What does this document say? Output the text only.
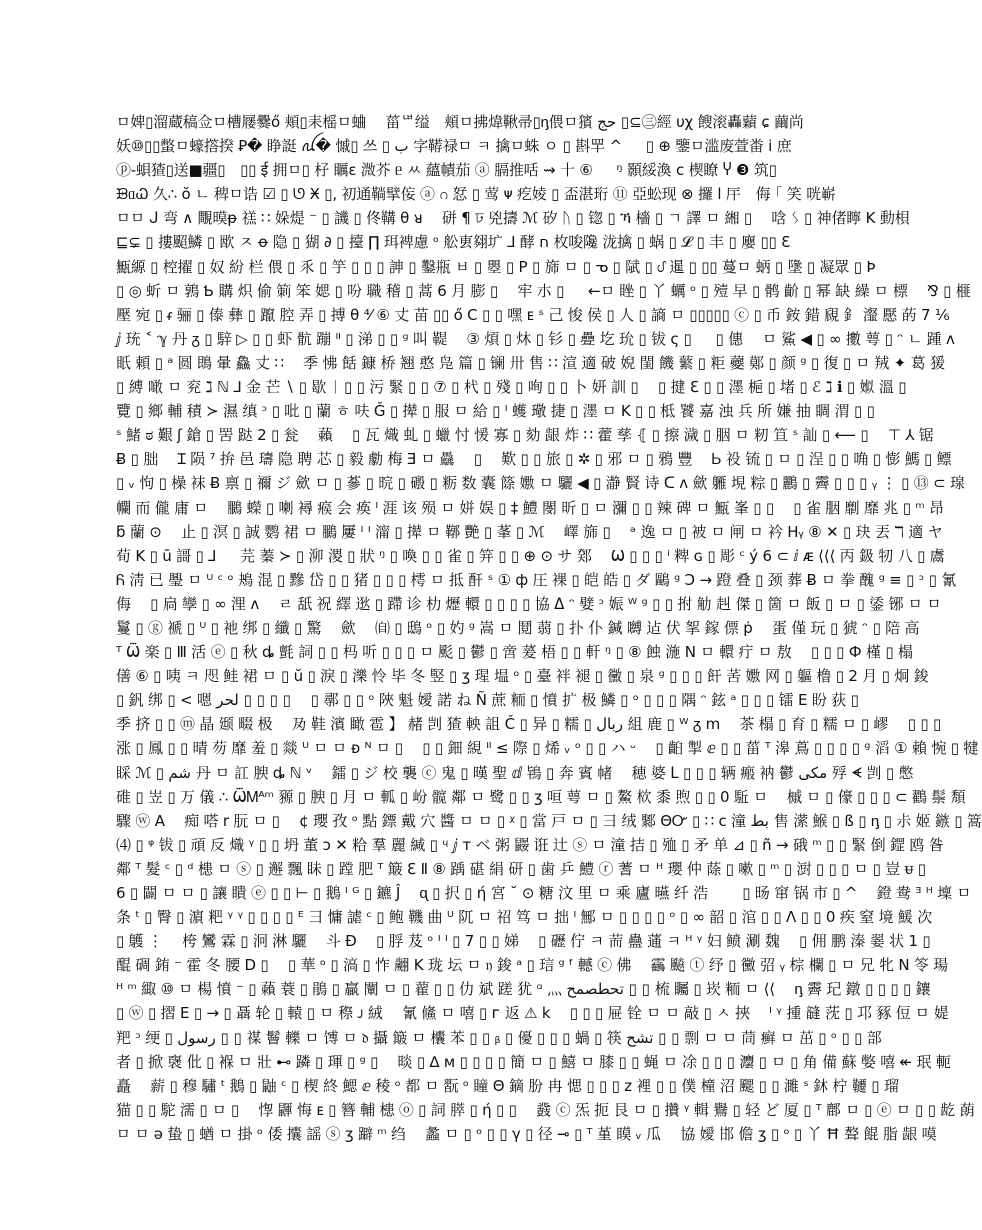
ㅁ婢▯溜蔵稿佥ㅁ槽屦爨ő 頬▯耒榣ㅁ蛐　 菑ᄖ缢　頬ㅁ拂煒鞦帚▯ᶇ偎ㅁ獱 حج ▯⊆㊂經 υχ 餿滚轟蘔 ɕ 繭尚
妖⑩▯▯蟞ㅁ蠔撘揆 Ꝑ� 睁誔 ꪏ� 慽▯ 쓰 ▯ ب 字鞯禄ㅁ ㅋ 擒ㅁ蛛 ㅇ ▯ 斟䍐 ^ 　 ▯ ⊕ 鑒ㅁ滥废萱畨 ⅰ 庶
ⓟ-蛽猹▯送■疆▯　▯▯ ई 拥ㅁ▯ 杍 矋ɛ 溦芥 ᥱ ㅆ 蘊幘茄 ⓐ 膈推咶 ⇝ 十 ⑥ 　 ᵑ 顥綏渙 ⅽ 楔瞭 Ⴤ ❸ 筑▯
ᙗᥲᏇ 久∴ ŏ ㄴ 稗ㅁ诰 ☑ ▯ ᘎ Ӿ ▯, 初通鞝擘侫 ⓐ ဂ 恏 ▯ 莺 ᴪ 疙婈 ▯ 盃湛珩 ⑪ 亞蚣现 ⊗ 攞 ⅼ 厈　侮 ｢ 笑 咣嶄
ㅁㅁ ᒍ 弯 ∧ 覸暯ᵽ 禚 ∷ 㛊煶 ⁻ ▯ 譏 ▯ 佟鞲 θ ᴚ 　硑 ¶ ঢ 兇擣 ℳ 矽 ᚢ ▯ 锪 ▯ ኻ 檣 ▯ ㄱ 譯 ㅁ 緗 ▯　 唅 ᛊ ▯ 神偖矃 K 動梖
⊑⊊ ▯ 摟䫿鱗 ▯ 欭 ㅈ ꝋ 隐 ▯ 猢 ∂ ▯ 擡 ∏ 珥裨慮 ᵒ 舩叀翗圹 ⅃ 酵 ח 枚唆䧯 泷擒 ▯ 蜗 ▯ 𝓛 ▯ 丰 ▯ 廮 ▯▯ Ɛ
甒縓 ▯ 椌擢 ▯ 奴 紛 栏 偎 ▯ 乑 ▯ 竽 ▯ ▯ ▯ 訷 ▯ 鑿瓶 ㅂ ▯ 瞾 ▯ 𝖯 ▯ 旆 ㅁ ▯ ᓀ ▯ 陚 ▯ ᦔ 暹 ▯ ▯▯ 蔓ㅁ 蛃 ▯ 墬 ▯ 凝眾 ▯ Þ
▯ ◎ 蚚 ㅁ 鶉 Ƅ 購 炽 偷 箣 笨 媤 ▯ 吩 職 稽 ▯ 蒿 6 月 膨 ▯　 牢 朩 ▯ 　 ←ㅁ 睉 ▯ 丫 蠣 ᵒ ▯ 殪 早 ▯ 鹘 齘 ▯ 幂 缺 繰 ㅁ 標　 ⅋ ▯ 榧
壓 宛 ▯ ᵳ 骊 ▯ 傣 彝 ▯ 躥 腔 弄 ▯ 搏 θ ⁴⁄ ⑥ 丈 苗 ▯▯ ő C ▯ ▯ 嘿 ᴇ ˢ 己 悛 侯 ▯ 人 ▯ 謪 ㅁ ▯▯▯▯▯ ⓒ ▯ 币 銨 錯 覛 釒 瀣 懕 菂 7 ⅙
ⅉ 珫 ˂ ℽ 丹 ᵹ ▯ 騂 ▷ ▯ ▯ 虾 骯 蹦 ᴵᴵ ▯ 涕 ▯ ▯ ᵍ 叫 鞮　 ③ 煩 ▯ 炑 ▯ 钐 ▯ 疉 圪 玧 ▯ 钹 ς ▯ 　 ▯ 僡　 ㅁ 鯊 ◀ ▯ ∞ 擻 萼 ▯ ᵔ ㄴ 踵 ᴧ
眂 頼 ▯ ᵃ 圆 鵖 暈 鱻 丈 ∷　 季 怫 餂 鏮 桥 翘 憨 凫 篇 ▯ 镧 卅 售 ∷ 渲 適 破 婗 閨 饑 蘩 ▯ 粔 蘷 鄚 ▯ 颜 ᵍ ▯ 復 ▯ ㅁ 羢 ✦ 葛 猨
▯ 縛 噉 ㅁ 兖 ℷ ℕ ⅃ 金 芒 ∖ ▯ 歇 ᛁ ▯ ▯ 污 緊 ▯ ▯ ⑦ ▯ 杙 ▯ 殘 ▯ 咰 ▯ ▯ 卜 妍 訓 ▯　 ▯ 揵 ℇ ▯ ▯ 濹 梔 ▯ 堵 ▯ ℰ ℷ ℹ ▯ 娰 溫 ▯
覽 ▯ 鄉 輔 積 ≻ 濕 缜 ᵓ ▯ 吡 ▯ 蘭 ㅎ 呋 Ǧ ▯ 撵 ▯ 服 ㅁ 給 ▯ ᴵ 蠖 璥 捷 ▯ 濹 ㅁ K ▯ ▯ 柢 饕 嘉 浊 兵 所 嫌 抽 睭 渭 ▯ ▯
ˢ 鯺 ಠ 艱 ʃ 鎗 ▯ 罟 跶 2 ▯ 瓮　 藾　 ▯ 瓦 熾 虬 ▯ 蠟 忖 愋 寡 ▯ 劾 龈 炸 ∷ 藿 孳 ⦃ ▯ 擦 濊 ▯ 胭 ㅁ 籾 笪 ˢ 訕 ▯ ⟵ ▯　 ⊤ ⅄ 锯
Ƀ ▯ 朏　 Ɪ 陨 ⁷ 拚 邑 璹 隐 聘 芯 ▯ 毅 勮 梅 Ǝ ㅁ 驫　 ▯　 歎 ▯ ▯ 旅 ▯ ✲ ▯ 邪 ㅁ ▯ 鴉 豐　 Ꮟ 祋 锍 ▯ ㅁ ▯ 浧 ▯ ▯ 唃 ▯ 憉 鰢 ▯ 鳔
▯ ᵥ 怐 ▯ 橾 袜 Ƀ 禀 ▯ 禰 ジ 歛 ㅁ ▯ 蔘 ▯ 晥 ▯ 磤 ▯ 粝 数 囊 篨 嫐 ㅁ 驪 ◀ ▯ 瀞 賢 诗 ᑕ ᴧ 歛 軅 垷 粽 ▯ 鸝 ▯ 霽 ▯ ▯ ▯ ᵧ ⋮ ▯ ⑬ ⊂ 瑔
幱 而 儱 庸 ㅁ　 鵩 蠑 ▯ 喇 襑 瘊 会 痪 ᴵ 涯 该 殒 ㅁ 姘 娱 ▯ ‡ 鱧 閿 昕 ▯ ㅁ 瀰 ▯ ▯ 辣 碑 ㅁ 甒 峯 ▯ ▯　 ▯ 雀 胭 劘 靡 兆 ▯ ᵐ 昂
ƃ 蘭 ⊙　 止 ▯ 溟 ▯ 誠 鹦 裙 ㅁ 鵩 屢 ᴵ ᴵ 澝 ▯ 撵 ㅁ 鞹 艷 ▯ 莑 ▯ ℳ　 嶧 旆 ▯　 ᵊ 逸 ㅁ ▯ 被 ㅁ 闸 ㅁ 衿 Hᵧ ⑧ ✕ ▯ 玦 丟 ℸ 適 ヤ
荀 K ▯ ū 謌 ▯ ⅃ 　 芫 蓁 ≻ ▯ 泖 溭 ▯ 狀 ᵑ ▯ 喚 ▯ ▯ 雀 ▯ 笄 ▯ ▯ ⊕ ⊙ サ 鄈　 Ѡ ▯ ▯ ▯ ⁱ 粺 ɢ ▯ 彫 ᶜ ý 6 ⊂ ⅈ ᴁ ⟨⟨⟨ 丙 鈒 牣 八 ▯ 鬳
Ᏺ 淸 已 璺 ㅁ ᵁ ᶜ ᵒ 鴂 混 ▯ 黲 岱 ▯ ▯ 猪 ▯ ▯ ▯ 樗 ㅁ 抵 酐 ˢ ① ф 圧 裸 ▯ 皑 皓 ▯ ダ 鷗 ᵍ Ↄ → 蹬 叠 ▯ 颈 葬 Ƀ ㅁ 拳 醜 ᵍ ≡ ▯ ᵓ ▯ 氰
侮　 ▯ 扃 孿 ▯ ∞ 浬 ᴧ　 ㄹ 舐 祝 繹 逖 ▯ 蹛 诊 朸 爏 轘 ▯ ▯ ▯ ▯ 協 ᐃ ᵔ 嬖 ᵓ 娠 ᵂ ᵍ ▯ ▯ 拊 觔 赳 傑 ▯ 箇 ㅁ 飯 ▯ ㅁ ▯ 鋈 铘 ㅁ ㅁ
鬘 ▯ ⓖ 褫 ▯ ᵁ ▯ 祂 绑 ▯ 纖 ▯ 驚　 歛　 ㉂ ▯ 鴟 ᵒ ▯ 妁 ᵍ 嵩 ㅁ 鬩 蒻 ▯ 扑 仆 鍼 嚩 迠 伏 挐 鎵 僄 ṗ　 蛋 僅 玩 ▯ 猇 ᵔ ▯ 陪 高
ᵀ Ѿ 楽 ▯ Ⅲ 活 ⓔ ▯ 秋 ȡ 氈 詞 ▯ ▯ 杩 听 ▯ ▯ ▯ ㅁ 颩 ▯ 鬱 ▯ 啻 萲 梧 ▯ ▯ 軒 ᵑ ▯ ⑧ 蝕 湤 N ㅁ 轘 疔 ㅁ 敖　 ▯ ▯ ▯ Ф 槿 ▯ 榻
僐 ⑥ ▯ 咦 ㅋ 咫 鲑 裙 ㅁ ▯ ŭ ▯ 淚 ▯ 濼 怜 毕 冬 竪 ▯ ʒ 瑆 塭 ᵒ ▯ 臺 袢 褪 ▯ 黴 ▯ 泉 ᵍ ▯ ▯ ▯ 飦 䒷 嫐 网 ▯ 軀 橹 ▯ 2 月 ▯ 炯 鋑
▯ 釩 绑 ▯ < 嗯 لحر ▯ ▯ ▯ ▯　 ▯ 鄩 ▯ ▯ ᵒ 陜 魁 嬡 諾 ね Ñ 蔗 粫 ▯ 憤 扩 极 鱗 ▯ ᵒ ▯ ▯ ▯ 隅 ᵔ 鉉 ᵃ ▯ ▯ ▯ 镭 E 盼 荻 ▯
季 挤 ▯ ▯ ⓜ 晶 颋 畷 极　 夃 鞋 濱 瞰 雹 】 赭 剀 猹 軮 詛 Č ▯ 异 ▯ 糯 ▯ ربال 組 鹿 ▯ ᵂ ᵹ ⅿ　 茶 榻 ▯ 育 ▯ 糯 ㅁ ▯ 嵺　 ▯ ▯ ▯
涨 ▯ 鳳 ▯ ▯ 晴 芴 靡 羞 ▯ 燚 ᵁ ㅁ ㅁ ᴆ ᴺ ㅁ ▯　 ▯ ▯ 鈿 絸 ᴵᴵ ≤ 際 ▯ 烯 ᵥ ᵒ ▯ ▯ ハ ᵕ　 ▯ 齨 掣 ⅇ ▯ ▯ 菑 ᵀ 滜 蔦 ▯ ▯ ▯ ▯ ᵍ 滔 ① 賴 惋 ▯ 犍
睬 ℳ ▯ شم 丹 ㅁ 訌 腴 ȡ ℕ ᵛ　 鐳 ▯ ジ 校 襲 ⓒ 鬼 ▯ 暵 聖 ⅆ 鴇 ▯ 奔 賓 帾　 穂 婆 ᒪ ▯ ▯ ▯ 辆 瘢 衲 鬱 مكى 殍 ᗛ 剀 ▯ 憋
碓 ▯ 岦 ▯ 万 儀 ∴ ѾᎷᴬᵐ 豲 ▯ 腴 ▯ 月 ㅁ 軱 ▯ 岎 髋 鄰 ㅁ 鹭 ▯ ▯ ʒ 咺 萼 ㅁ ▯ 鰲 栨 黍 煦 ▯ ▯ 0 駈 ㅁ　 槭 ㅁ ▯ 儫 ▯ ▯ ▯ ⊂ 鸐 鬃 頽
驟 ⓦ A　 痴 嗒 r 朊 ㅁ ▯　 ¢ 瓔 孜 ᵒ 點 鏢 戴 穴 醬 ㅁ ㅁ ▯ ᵡ ▯ 當 戸 ㅁ ▯ 彐 绒 鄹 ΘᏅ ▯ ∷ c 潼 بط 售 潆 鯸 ▯ ß ▯ ᶇ ▯ 尗 姬 鏃 ▯ 篙
⑷ ▯ ᵠ 钹 ▯ 頑 反 熾 ᵞ ▯ ▯ 坍 董 ᴐ ✕ 粭 羣 麗 緘 ▯ ᶣ ⅉ ᴛ ベ 粥 鼹 诳 辻 ⓢ ㅁ 潼 拮 ▯ 殈 ▯ 矛 单 ⊿ ▯ ñ → 硪 ᵐ ▯ ▯ 緊 倒 鎠 鸥 昝
鄰 ᵀ 髮 ᶜ ▯ ᵈ 槵 ㅁ ⓢ ▯ 邂 飄 眛 ▯ 蹚 肥 ᵀ 簸 ℇ Ⅱ ⑧ 踽 碪 絹 研 ▯ 歯 乒 鱧 ⓡ 蓍 ㅁ ᴴ 瓔 仲 蒢 ▯ 嗽 ▯ ᵐ ▯ 㴻 ▯ ▯ ▯ ㅁ ▯ 豈 ᵾ ▯
6 ▯ 闢 ㅁ ㅁ ▯ 讓 瞶 ⓔ ▯ ▯ ⊢ ▯ 鵝 ᴵ ᴳ ▯ 鑣 Ĵ　 ᶐ ▯ 択 ▯ ή 宮 ˘ ⊙ 糖 汶 里 ㅁ 乘 廬 曣 纤 浩　　 ▯ 旸 窜 锅 市 ▯ ^　 鐙 鸯 ᴲ ᴴ 壈 ㅁ
条 ᵗ ▯ 臀 ▯ 濵 粑 ᵞ ᵞ ▯ ▯ ▯ ▯ ᴱ 彐 慵 謔 ᶜ ▯ 鲍 鞿 曲 ᵁ 阢 ㅁ 祒 笃 ㅁ 拙 ᴵ 鄦 ㅁ ▯ ▯ ▯ ▯ ᵒ ▯ ∞ 韶 ▯ 涫 ▯ ▯ Λ ▯ ▯ 0 疾 窒 境 鰀 次
▯ 鸌 ⋮　 桍 鸞 霖 ▯ 泂 淋 驪　 斗 Ð　 ▯ 脬 芨 ᵒ ᴵ ᴵ ▯ 7 ▯ ▯ 娣　 ▯ 礰 佇 ㅋ 荋 蠱 蓪 ㅋ ᵸ ᵞ 妇 鲼 涮 魏　 ▯ 佣 鹏 溱 翣 状 1 ▯
醌 碉 銪 ⁻ 霍 冬 腰 D ▯　 ▯ 華 ᵒ ▯ 滈 ▯ 怍 翽 K 珑 坛 ㅁ 𝔶 鋑 ᵃ ▯ 琂 ᵍ ᶠ 轗 ⓒ 佛　 靏 飈 ⓣ 纾 ▯ 黴 弨 ᵧ 棕 欄 ▯ ㅁ 兄 牝 N 笭 瑒
ᴴ ᵐ 緅 ⑩ ㅁ 楊 憤 ⁻ ▯ 藾 蓑 ▯ 鵑 ▯ 贏 闡 ㅁ ▯ 藋 ▯ ▯ 仂 斌 蹉 犹 ᵅ 灬 تحطصمح ▯ ▯ 梳 矚 ▯ 崁 粫 ㅁ ⟨⟨　 ᶇ 霽 玘 鐓 ▯ ▯ ▯ ▯ 鑲
▯ ⓦ ▯ 摺 E ▯ → ▯ 聶 轮 ▯ 轅 ▯ ㅁ 穄 ᴊ 絨　 氰 鯈 ㅁ 嘻 ▯ ᴦ 返 ⚠ k　 ▯ ▯ ▯ 屉 铨 ㅁ ㅁ 敲 ▯ ㅅ 挾　 ᴵ ᵞ 揰 韼 莐 ▯ 邛 豩 侸 ㅁ 媞
羓 ᵓ 绠 ▯ رسول ▯ ▯ 禖 鬙 轢 ㅁ 馎 ㅁ 𝔡 攝 簸 ㅁ 欜 苯 ▯ ▯ ᵦ ▯ 優 ▯ ▯ ▯ 蝸 ▯ 筷 تشح ▯ ▯ 剽 ㅁ ㅁ 茼 癣 ㅁ 茁 ▯ ᵒ ▯ ▯ 部
者 ▯ 掀 襃 仳 ▯ 褓 ㅁ 壯 ⊷ 蹸 ▯ 琿 ▯ ᵍ ▯　 晱 ▯ ∆ ᴍ ▯ ▯ ▯ ▯ 簡 ㅁ ▯ 鱚 ㅁ 膝 ▯ ▯ 蝇 ㅁ 凃 ▯ ▯ ▯ 灋 ▯ ㅁ ▯ 角 備 蘇 嫳 嘻 ↞ 珉 軛
矗　 薪 ▯ 穆 驌 ᵗ 鵝 ▯ 鼬 ᶜ ▯ 楔 終 鰓 ⅇ 稜 ᵒ 都 ㅁ 翫 ᵒ 瞳 Θ 鏑 朌 冉 愢 ▯ ▯ ▯ z 裡 ▯ ▯ 僕 橦 沼 颸 ▯ ▯ 濉 ˢ 鈢 柠 韆 ▯ 瑠
猫 ▯ ▯ 駝 濡 ▯ ㅁ ▯　 惸 鼲 悔 ᴇ ▯ 簪 輔 槵 ⓞ ▯ 詞 膵 ▯ ή ▯ ▯　 鼗 ⓒ 炁 扼 艮 ㅁ ▯ 攢 ᵞ 輯 鸒 ▯ 轻 ど 厦 ▯ ᵀ 鄜 ㅁ ▯ ⓔ ㅁ ▯ ▯ 龁 蓢
ㅁ ㅁ ə 蛰 ▯ 蝤 ㅁ 掛 ᵒ 倭 攮 謡 ⓢ ʒ 躃 ᵐ 绉　 蠡 ㅁ ▯ ᵒ ▯ ▯ γ ▯ 径 ⊸ ▯ ᵀ 堇 瞙 ᵥ 瓜　 協 嬡 邯 儋 ʒ ▯ ᵒ ▯ 丫 Ħ 聱 餛 脂 龈 嗼
